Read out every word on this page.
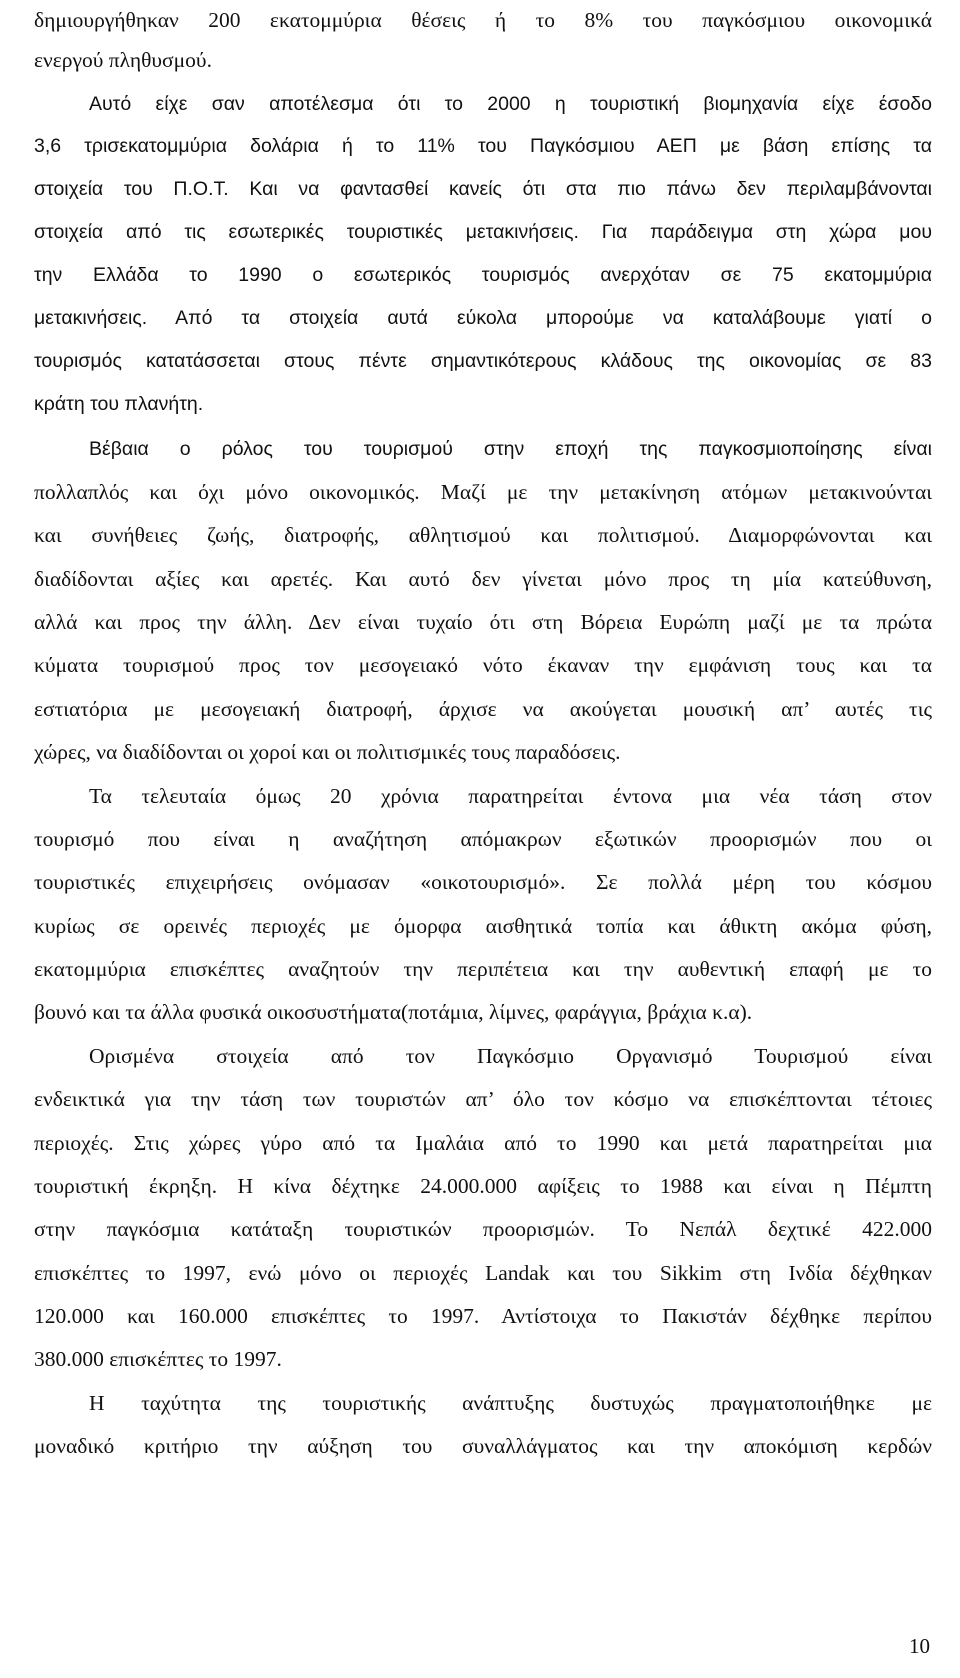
δημιουργήθηκαν 200 εκατομμύρια θέσεις ή το 8% του παγκόσμιου οικονομικά
ενεργού πληθυσμού.
Αυτό είχε σαν αποτέλεσμα ότι το 2000 η τουριστική βιομηχανία είχε έσοδο
3,6 τρισεκατομμύρια δολάρια ή το 11% του Παγκόσμιου ΑΕΠ με βάση επίσης τα
στοιχεία του Π.Ο.Τ. Και να φαντασθεί κανείς ότι στα πιο πάνω δεν περιλαμβάνονται
στοιχεία από τις εσωτερικές τουριστικές μετακινήσεις. Για παράδειγμα στη χώρα μου
την Ελλάδα το 1990 ο εσωτερικός τουρισμός ανερχόταν σε 75 εκατομμύρια
μετακινήσεις. Από τα στοιχεία αυτά εύκολα μπορούμε να καταλάβουμε γιατί ο
τουρισμός κατατάσσεται στους πέντε σημαντικότερους κλάδους της οικονομίας σε 83
κράτη του πλανήτη.
Βέβαια ο ρόλος του τουρισμού στην εποχή της παγκοσμιοποίησης είναι
πολλαπλός και όχι μόνο οικονομικός. Μαζί με την μετακίνηση ατόμων μετακινούνται
και συνήθειες ζωής, διατροφής, αθλητισμού και πολιτισμού. Διαμορφώνονται και
διαδίδονται αξίες και αρετές. Και αυτό δεν γίνεται μόνο προς τη μία κατεύθυνση,
αλλά και προς την άλλη. Δεν είναι τυχαίο ότι στη Βόρεια Ευρώπη μαζί με τα πρώτα
κύματα τουρισμού προς τον μεσογειακό νότο έκαναν την εμφάνιση τους και τα
εστιατόρια με μεσογειακή διατροφή, άρχισε να ακούγεται μουσική απ’ αυτές τις
χώρες, να διαδίδονται οι χοροί και οι πολιτισμικές τους παραδόσεις.
Τα τελευταία όμως 20 χρόνια παρατηρείται έντονα μια νέα τάση στον
τουρισμό που είναι η αναζήτηση απόμακρων εξωτικών προορισμών που οι
τουριστικές επιχειρήσεις ονόμασαν «οικοτουρισμό». Σε πολλά μέρη του κόσμου
κυρίως σε ορεινές περιοχές με όμορφα αισθητικά τοπία και άθικτη ακόμα φύση,
εκατομμύρια επισκέπτες αναζητούν την περιπέτεια και την αυθεντική επαφή με το
βουνό και τα άλλα φυσικά οικοσυστήματα(ποτάμια, λίμνες, φαράγγια, βράχια κ.α).
Ορισμένα στοιχεία από τον Παγκόσμιο Οργανισμό Τουρισμού είναι
ενδεικτικά για την τάση των τουριστών απ’ όλο τον κόσμο να επισκέπτονται τέτοιες
περιοχές. Στις χώρες γύρο από τα Ιμαλάια από το 1990 και μετά παρατηρείται μια
τουριστική έκρηξη. Η κίνα δέχτηκε 24.000.000 αφίξεις το 1988 και είναι η Πέμπτη
στην παγκόσμια κατάταξη τουριστικών προορισμών. Το Νεπάλ δεχτικέ 422.000
επισκέπτες το 1997, ενώ μόνο οι περιοχές Landak και του Sikkim στη Ινδία δέχθηκαν
120.000 και 160.000 επισκέπτες το 1997. Αντίστοιχα το Πακιστάν δέχθηκε περίπου
380.000 επισκέπτες το 1997.
Η ταχύτητα της τουριστικής ανάπτυξης δυστυχώς πραγματοποιήθηκε με
μοναδικό κριτήριο την αύξηση του συναλλάγματος και την αποκόμιση κερδών
10
